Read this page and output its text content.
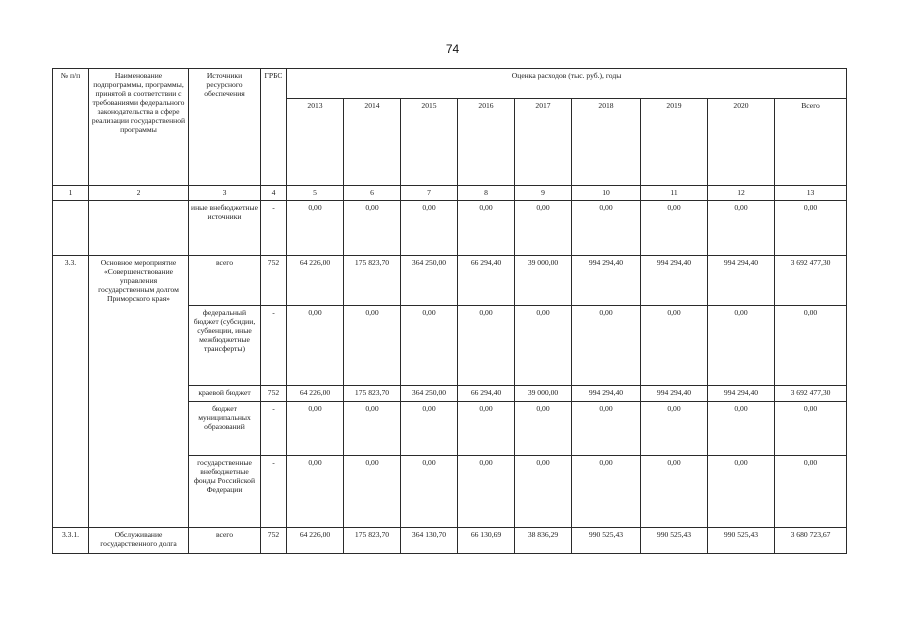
74
№ п/п	Наименование подпрограммы, программы, принятой в соответствии с требованиями федерального законодательства в сфере реализации государственной программы	Источники ресурсного обеспечения	ГРБС	Оценка расходов (тыс. руб.), годы								
				2013	2014	2015	2016	2017	2018	2019	2020	Всего
1	2	3	4	5	6	7	8	9	10	11	12	13
		иные внебюджетные источники	-	0,00	0,00	0,00	0,00	0,00	0,00	0,00	0,00	0,00
3.3.	Основное мероприятие «Совершенствование управления государственным долгом Приморского края»	всего	752	64 226,00	175 823,70	364 250,00	66 294,40	39 000,00	994 294,40	994 294,40	994 294,40	3 692 477,30
		федеральный бюджет (субсидии, субвенции, иные межбюджетные трансферты)	-	0,00	0,00	0,00	0,00	0,00	0,00	0,00	0,00	0,00
		краевой бюджет	752	64 226,00	175 823,70	364 250,00	66 294,40	39 000,00	994 294,40	994 294,40	994 294,40	3 692 477,30
		бюджет муниципальных образований	-	0,00	0,00	0,00	0,00	0,00	0,00	0,00	0,00	0,00
		государственные внебюджетные фонды Российской Федерации	-	0,00	0,00	0,00	0,00	0,00	0,00	0,00	0,00	0,00
3.3.1.	Обслуживание государственного долга	всего	752	64 226,00	175 823,70	364 130,70	66 130,69	38 836,29	990 525,43	990 525,43	990 525,43	3 680 723,67
